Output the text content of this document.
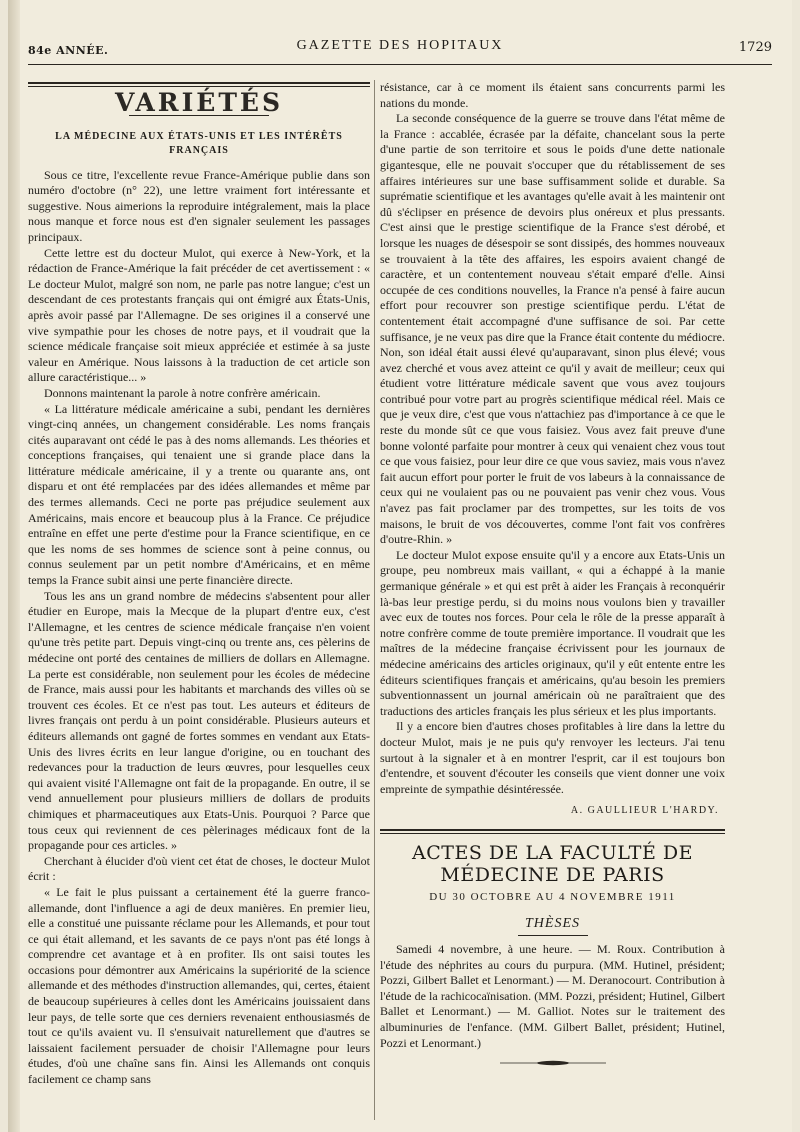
84e ANNÉE.	GAZETTE DES HOPITAUX	1729
VARIÉTÉS
LA MÉDECINE AUX ÉTATS-UNIS ET LES INTÉRÊTS
FRANÇAIS

Sous ce titre, l'excellente revue France-Amérique publie dans son numéro d'octobre (n° 22), une lettre vraiment fort intéressante et suggestive. Nous aimerions la reproduire intégralement, mais la place nous manque et force nous est d'en signaler seulement les passages principaux.

Cette lettre est du docteur Mulot, qui exerce à New-York, et la rédaction de France-Amérique la fait précéder de cet avertissement : « Le docteur Mulot, malgré son nom, ne parle pas notre langue; c'est un descendant de ces protestants français qui ont émigré aux États-Unis, après avoir passé par l'Allemagne. De ses origines il a conservé une vive sympathie pour les choses de notre pays, et il voudrait que la science médicale française soit mieux appréciée et estimée à sa juste valeur en Amérique. Nous laissons à la traduction de cet article son allure caractéristique... »

Donnons maintenant la parole à notre confrère américain.

« La littérature médicale américaine a subi, pendant les dernières vingt-cinq années, un changement considérable. Les noms français cités auparavant ont cédé le pas à des noms allemands. Les théories et conceptions françaises, qui tenaient une si grande place dans la littérature médicale américaine, il y a trente ou quarante ans, ont disparu et ont été remplacées par des idées allemandes et même par des termes allemands. Ceci ne porte pas préjudice seulement aux Américains, mais encore et beaucoup plus à la France. Ce préjudice entraîne en effet une perte d'estime pour la France scientifique, en ce que les noms de ses hommes de science sont à peine connus, ou connus seulement par un petit nombre d'Américains, et en même temps la France subit ainsi une perte financière directe.

Tous les ans un grand nombre de médecins s'absentent pour aller étudier en Europe, mais la Mecque de la plupart d'entre eux, c'est l'Allemagne, et les centres de science médicale française n'en voient qu'une très petite part. Depuis vingt-cinq ou trente ans, ces pèlerins de médecine ont porté des centaines de milliers de dollars en Allemagne. La perte est considérable, non seulement pour les écoles de médecine de France, mais aussi pour les habitants et marchands des villes où se trouvent ces écoles. Et ce n'est pas tout. Les auteurs et éditeurs de livres français ont perdu à un point considérable. Plusieurs auteurs et éditeurs allemands ont gagné de fortes sommes en vendant aux Etats-Unis des livres écrits en leur langue d'origine, ou en touchant des redevances pour la traduction de leurs œuvres, pour lesquelles ceux qui avaient visité l'Allemagne ont fait de la propagande. En outre, il se vend annuellement pour plusieurs milliers de dollars de produits chimiques et pharmaceutiques aux Etats-Unis. Pourquoi ? Parce que tous ceux qui reviennent de ces pèlerinages médicaux font de la propagande pour ces articles. »

Cherchant à élucider d'où vient cet état de choses, le docteur Mulot écrit :

« Le fait le plus puissant a certainement été la guerre franco-allemande, dont l'influence a agi de deux manières. En premier lieu, elle a constitué une puissante réclame pour les Allemands, et pour tout ce qui était allemand, et les savants de ce pays n'ont pas été longs à comprendre cet avantage et à en profiter. Ils ont saisi toutes les occasions pour démontrer aux Américains la supériorité de la science allemande et des méthodes d'instruction allemandes, qui, certes, étaient de beaucoup supérieures à celles dont les Américains jouissaient dans leur pays, de telle sorte que ces derniers revenaient enthousiasmés de tout ce qu'ils avaient vu. Il s'ensuivait naturellement que d'autres se laissaient facilement persuader de choisir l'Allemagne pour leurs études, d'où une chaîne sans fin. Ainsi les Allemands ont conquis facilement ce champ sans

résistance, car à ce moment ils étaient sans concurrents parmi les nations du monde.

La seconde conséquence de la guerre se trouve dans l'état même de la France : accablée, écrasée par la défaite, chancelant sous la perte d'une partie de son territoire et sous le poids d'une dette nationale gigantesque, elle ne pouvait s'occuper que du rétablissement de ses affaires intérieures sur une base suffisamment solide et durable. Sa suprématie scientifique et les avantages qu'elle avait à les maintenir ont dû s'éclipser en présence de devoirs plus onéreux et plus pressants. C'est ainsi que le prestige scientifique de la France s'est dérobé, et lorsque les nuages de désespoir se sont dissipés, des hommes nouveaux se trouvaient à la tête des affaires, les espoirs avaient changé de caractère, et un contentement nouveau s'était emparé d'elle. Ainsi occupée de ces conditions nouvelles, la France n'a pensé à faire aucun effort pour recouvrer son prestige scientifique perdu. L'état de contentement était accompagné d'une suffisance de soi. Par cette suffisance, je ne veux pas dire que la France était contente du médiocre. Non, son idéal était aussi élevé qu'auparavant, sinon plus élevé; vous avez cherché et vous avez atteint ce qu'il y avait de meilleur; ceux qui étudient votre littérature médicale savent que vous avez toujours contribué pour votre part au progrès scientifique médical réel. Mais ce que je veux dire, c'est que vous n'attachiez pas d'importance à ce que le reste du monde sût ce que vous faisiez. Vous avez fait preuve d'une bonne volonté parfaite pour montrer à ceux qui venaient chez vous tout ce que vous faisiez, pour leur dire ce que vous saviez, mais vous n'avez fait aucun effort pour porter le fruit de vos labeurs à la connaissance de ceux qui ne voulaient pas ou ne pouvaient pas venir chez vous. Vous n'avez pas fait proclamer par des trompettes, sur les toits de vos maisons, le bruit de vos découvertes, comme l'ont fait vos confrères d'outre-Rhin. »

Le docteur Mulot expose ensuite qu'il y a encore aux Etats-Unis un groupe, peu nombreux mais vaillant, « qui a échappé à la manie germanique générale » et qui est prêt à aider les Français à reconquérir là-bas leur prestige perdu, si du moins nous voulons bien y travailler avec eux de toutes nos forces. Pour cela le rôle de la presse apparaît à notre confrère comme de toute première importance. Il voudrait que les maîtres de la médecine française écrivissent pour les journaux de médecine américains des articles originaux, qu'il y eût entente entre les éditeurs scientifiques français et américains, qu'au besoin les premiers subventionnassent un journal américain où ne paraîtraient que des traductions des articles français les plus sérieux et les plus importants.

Il y a encore bien d'autres choses profitables à lire dans la lettre du docteur Mulot, mais je ne puis qu'y renvoyer les lecteurs. J'ai tenu surtout à la signaler et à en montrer l'esprit, car il est toujours bon d'entendre, et souvent d'écouter les conseils que vient donner une voix empreinte de sympathie désintéressée.

A. GAULLIEUR L'HARDY.
ACTES DE LA FACULTÉ DE MÉDECINE DE PARIS
DU 30 OCTOBRE AU 4 NOVEMBRE 1911
THÈSES

Samedi 4 novembre, à une heure. — M. Roux. Contribution à l'étude des néphrites au cours du purpura. (MM. Hutinel, président; Pozzi, Gilbert Ballet et Lenormant.) — M. Deranocourt. Contribution à l'étude de la rachicocaïnisation. (MM. Pozzi, président; Hutinel, Gilbert Ballet et Lenormant.) — M. Galliot. Notes sur le traitement des albuminuries de l'enfance. (MM. Gilbert Ballet, président; Hutinel, Pozzi et Lenormant.)
